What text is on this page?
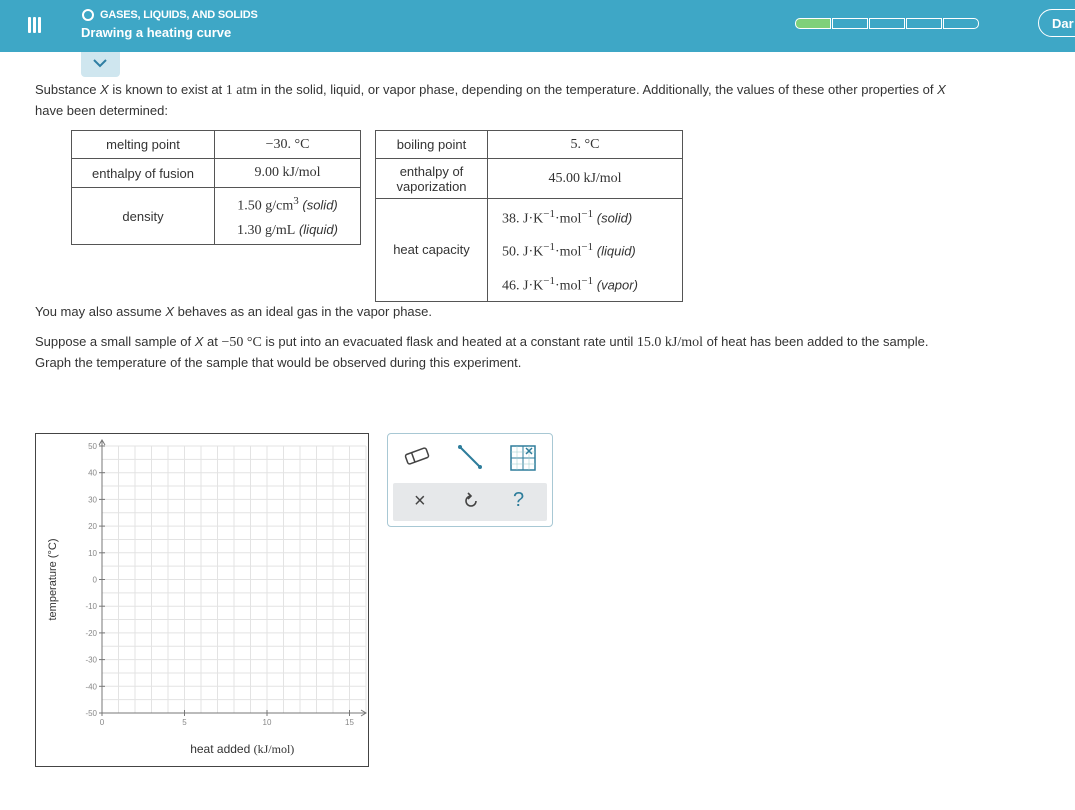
GASES, LIQUIDS, AND SOLIDS
Drawing a heating curve
Dar
Substance X is known to exist at 1 atm in the solid, liquid, or vapor phase, depending on the temperature. Additionally, the values of these other properties of X
have been determined:
melting point	−30. °C
enthalpy of fusion	9.00 kJ/mol
density	1.50 $g/cm^3$ (solid)
1.30 g/mL (liquid)
boiling point	5. °C
enthalpy of
vaporization	45.00 kJ/mol
heat capacity	38. $J\cdot K^{-1}\cdot mol^{-1}$ (solid)
50. $J\cdot K^{-1}\cdot mol^{-1}$ (liquid)
46. $J\cdot K^{-1}\cdot mol^{-1}$ (vapor)
You may also assume X behaves as an ideal gas in the vapor phase.
Suppose a small sample of X at −50 °C is put into an evacuated flask and heated at a constant rate until 15.0 kJ/mol of heat has been added to the sample.
Graph the temperature of the sample that would be observed during this experiment.
50
40
30
20
10
0
-10
-20
-30
-40
-50
0	5	10	15
temperature (°C)
heat added (kJ/mol)
×	?
